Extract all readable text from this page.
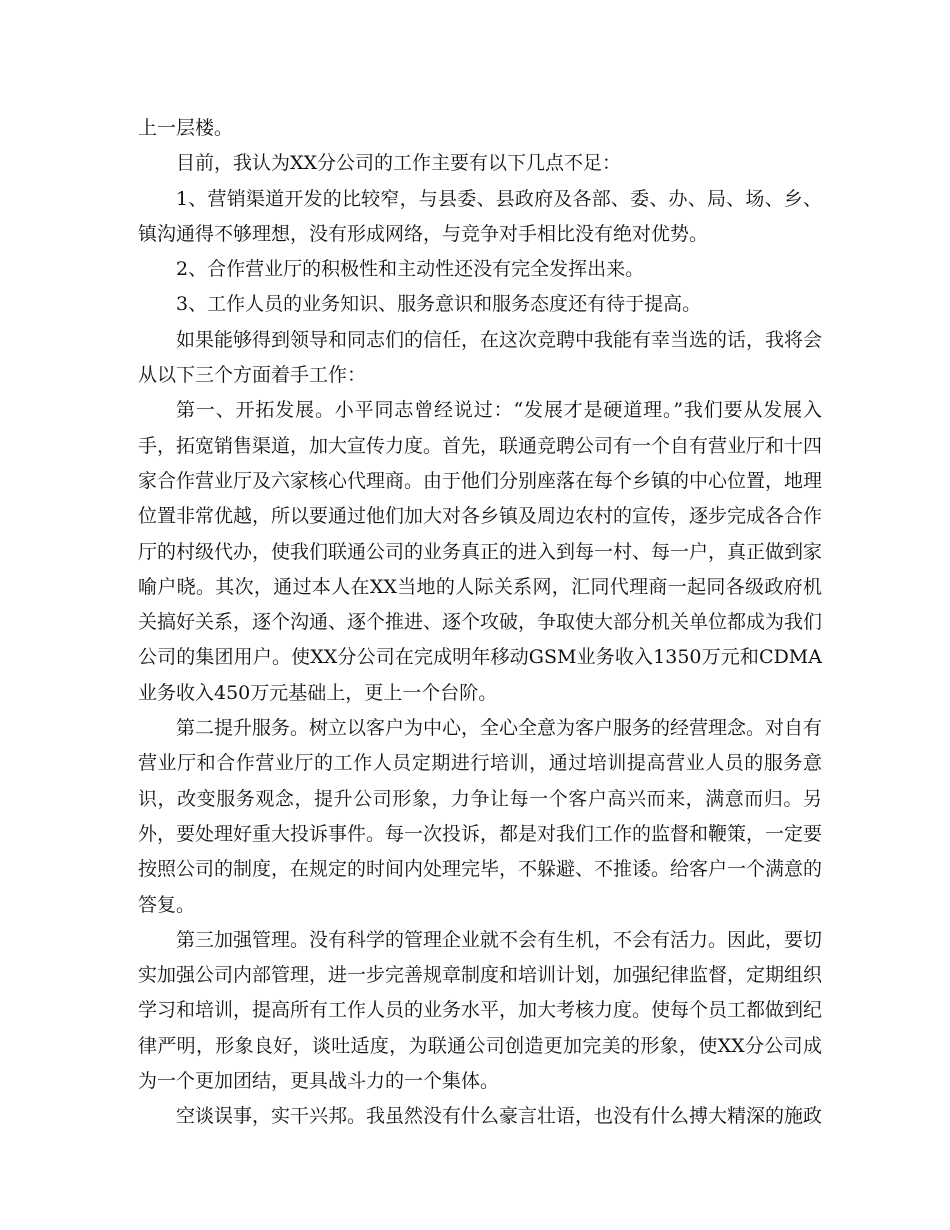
上一层楼。

目前，我认为XX分公司的工作主要有以下几点不足：

1、营销渠道开发的比较窄，与县委、县政府及各部、委、办、局、场、乡、镇沟通得不够理想，没有形成网络，与竞争对手相比没有绝对优势。

2、合作营业厅的积极性和主动性还没有完全发挥出来。

3、工作人员的业务知识、服务意识和服务态度还有待于提高。

如果能够得到领导和同志们的信任，在这次竞聘中我能有幸当选的话，我将会从以下三个方面着手工作：

第一、开拓发展。小平同志曾经说过：“发展才是硬道理。”我们要从发展入手，拓宽销售渠道，加大宣传力度。首先，联通竞聘公司有一个自有营业厅和十四家合作营业厅及六家核心代理商。由于他们分别座落在每个乡镇的中心位置，地理位置非常优越，所以要通过他们加大对各乡镇及周边农村的宣传，逐步完成各合作厅的村级代办，使我们联通公司的业务真正的进入到每一村、每一户，真正做到家喻户晓。其次，通过本人在XX当地的人际关系网，汇同代理商一起同各级政府机关搞好关系，逐个沟通、逐个推进、逐个攻破，争取使大部分机关单位都成为我们公司的集团用户。使XX分公司在完成明年移动GSM业务收入1350万元和CDMA业务收入450万元基础上，更上一个台阶。

第二提升服务。树立以客户为中心，全心全意为客户服务的经营理念。对自有营业厅和合作营业厅的工作人员定期进行培训，通过培训提高营业人员的服务意识，改变服务观念，提升公司形象，力争让每一个客户高兴而来，满意而归。另外，要处理好重大投诉事件。每一次投诉，都是对我们工作的监督和鞭策，一定要按照公司的制度，在规定的时间内处理完毕，不躲避、不推诿。给客户一个满意的答复。

第三加强管理。没有科学的管理企业就不会有生机，不会有活力。因此，要切实加强公司内部管理，进一步完善规章制度和培训计划，加强纪律监督，定期组织学习和培训，提高所有工作人员的业务水平，加大考核力度。使每个员工都做到纪律严明，形象良好，谈吐适度，为联通公司创造更加完美的形象，使XX分公司成为一个更加团结，更具战斗力的一个集体。

空谈误事，实干兴邦。我虽然没有什么豪言壮语，也没有什么搏大精深的施政
